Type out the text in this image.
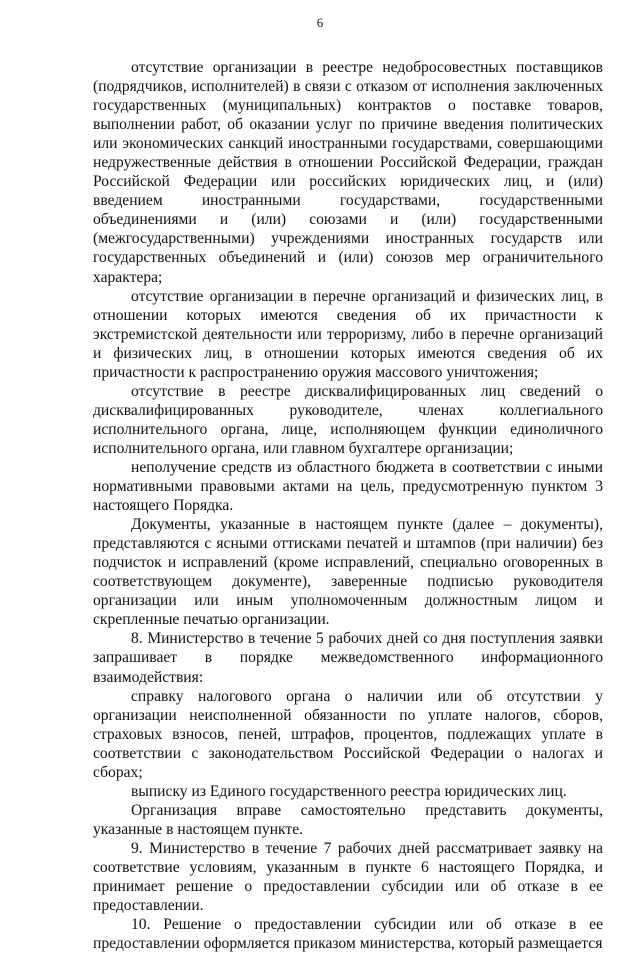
6

отсутствие организации в реестре недобросовестных поставщиков (подрядчиков, исполнителей) в связи с отказом от исполнения заключенных государственных (муниципальных) контрактов о поставке товаров, выполнении работ, об оказании услуг по причине введения политических или экономических санкций иностранными государствами, совершающими недружественные действия в отношении Российской Федерации, граждан Российской Федерации или российских юридических лиц, и (или) введением иностранными государствами, государственными объединениями и (или) союзами и (или) государственными (межгосударственными) учреждениями иностранных государств или государственных объединений и (или) союзов мер ограничительного характера;

отсутствие организации в перечне организаций и физических лиц, в отношении которых имеются сведения об их причастности к экстремистской деятельности или терроризму, либо в перечне организаций и физических лиц, в отношении которых имеются сведения об их причастности к распространению оружия массового уничтожения;

отсутствие в реестре дисквалифицированных лиц сведений о дисквалифицированных руководителе, членах коллегиального исполнительного органа, лице, исполняющем функции единоличного исполнительного органа, или главном бухгалтере организации;

неполучение средств из областного бюджета в соответствии с иными нормативными правовыми актами на цель, предусмотренную пунктом 3 настоящего Порядка.

Документы, указанные в настоящем пункте (далее – документы), представляются с ясными оттисками печатей и штампов (при наличии) без подчисток и исправлений (кроме исправлений, специально оговоренных в соответствующем документе), заверенные подписью руководителя организации или иным уполномоченным должностным лицом и скрепленные печатью организации.

8. Министерство в течение 5 рабочих дней со дня поступления заявки запрашивает в порядке межведомственного информационного взаимодействия:

справку налогового органа о наличии или об отсутствии у организации неисполненной обязанности по уплате налогов, сборов, страховых взносов, пеней, штрафов, процентов, подлежащих уплате в соответствии с законодательством Российской Федерации о налогах и сборах;

выписку из Единого государственного реестра юридических лиц.

Организация вправе самостоятельно представить документы, указанные в настоящем пункте.

9. Министерство в течение 7 рабочих дней рассматривает заявку на соответствие условиям, указанным в пункте 6 настоящего Порядка, и принимает решение о предоставлении субсидии или об отказе в ее предоставлении.

10. Решение о предоставлении субсидии или об отказе в ее предоставлении оформляется приказом министерства, который размещается
